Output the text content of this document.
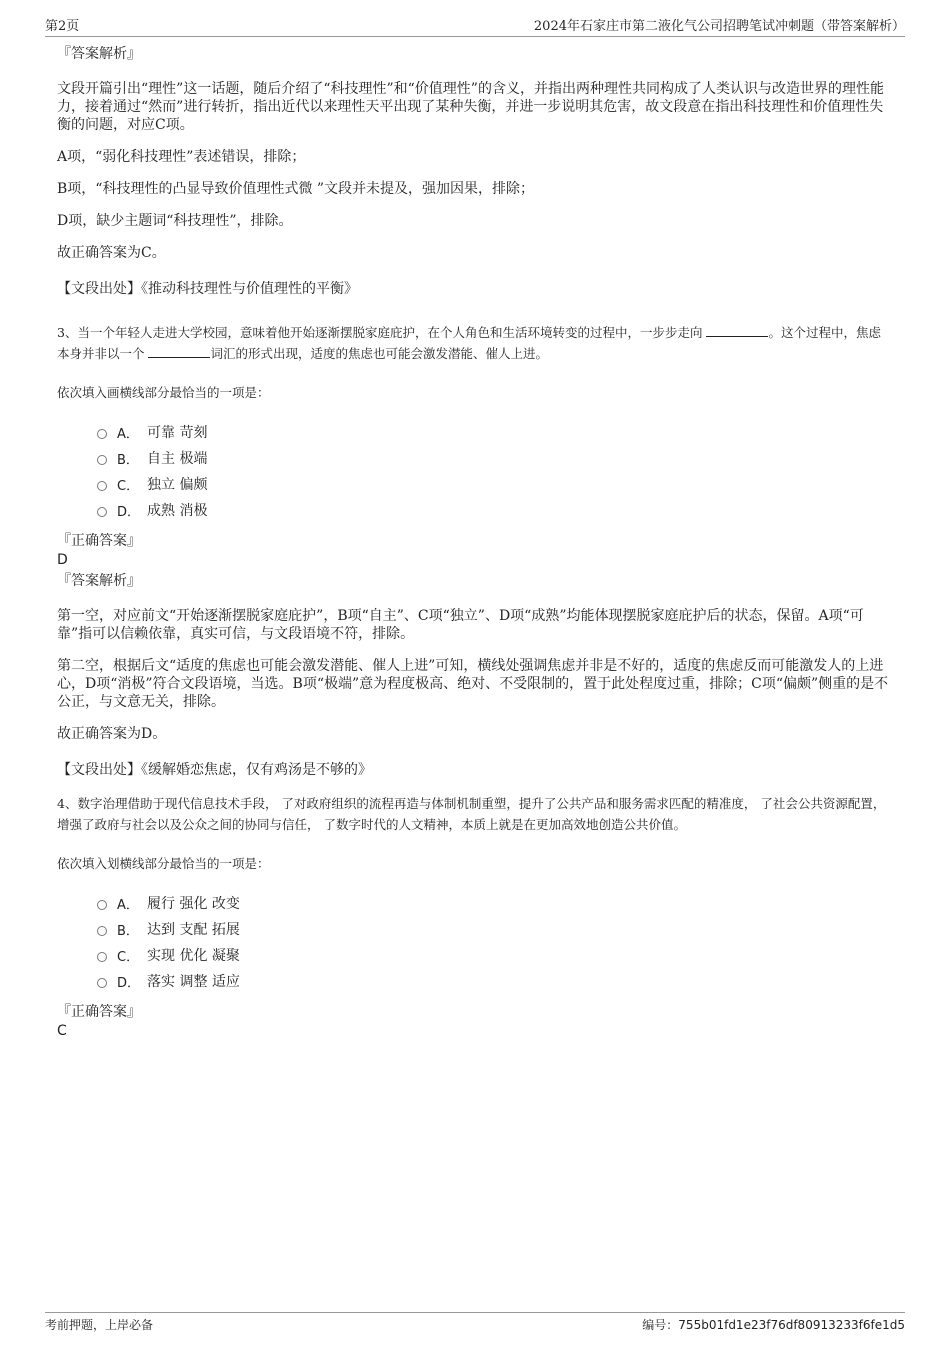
第2页	2024年石家庄市第二液化气公司招聘笔试冲刺题（带答案解析）

『答案解析』

文段开篇引出“理性”这一话题，随后介绍了“科技理性”和“价值理性”的含义，并指出两种理性共同构成了人类认识与改造世界的理性能力，接着通过“然而”进行转折，指出近代以来理性天平出现了某种失衡，并进一步说明其危害，故文段意在指出科技理性和价值理性失衡的问题，对应C项。

A项，“弱化科技理性”表述错误，排除；

B项，“科技理性的凸显导致价值理性式微 ”文段并未提及，强加因果，排除；

D项，缺少主题词“科技理性”，排除。

故正确答案为C。

【文段出处】《推动科技理性与价值理性的平衡》

3、当一个年轻人走进大学校园，意味着他开始逐渐摆脱家庭庇护，在个人角色和生活环境转变的过程中，一步步走向	。这个过程中，焦虑本身并非以一个	词汇的形式出现，适度的焦虑也可能会激发潜能、催人上进。

依次填入画横线部分最恰当的一项是：

A． 可靠 苛刻
B． 自主 极端
C． 独立 偏颇
D． 成熟 消极

『正确答案』

D

『答案解析』

第一空，对应前文“开始逐渐摆脱家庭庇护”，B项“自主”、C项“独立”、D项“成熟”均能体现摆脱家庭庇护后的状态，保留。A项“可靠”指可以信赖依靠，真实可信，与文段语境不符，排除。

第二空，根据后文“适度的焦虑也可能会激发潜能、催人上进”可知，横线处强调焦虑并非是不好的，适度的焦虑反而可能激发人的上进心，D项“消极”符合文段语境，当选。B项“极端”意为程度极高、绝对、不受限制的，置于此处程度过重，排除；C项“偏颇”侧重的是不公正，与文意无关，排除。

故正确答案为D。

【文段出处】《缓解婚恋焦虑，仅有鸡汤是不够的》

4、数字治理借助于现代信息技术手段， 了对政府组织的流程再造与体制机制重塑，提升了公共产品和服务需求匹配的精准度， 了社会公共资源配置，增强了政府与社会以及公众之间的协同与信任， 了数字时代的人文精神，本质上就是在更加高效地创造公共价值。

依次填入划横线部分最恰当的一项是：

A． 履行 强化 改变
B． 达到 支配 拓展
C． 实现 优化 凝聚
D． 落实 调整 适应

『正确答案』

C

考前押题，上岸必备	编号：755b01fd1e23f76df80913233f6fe1d5
